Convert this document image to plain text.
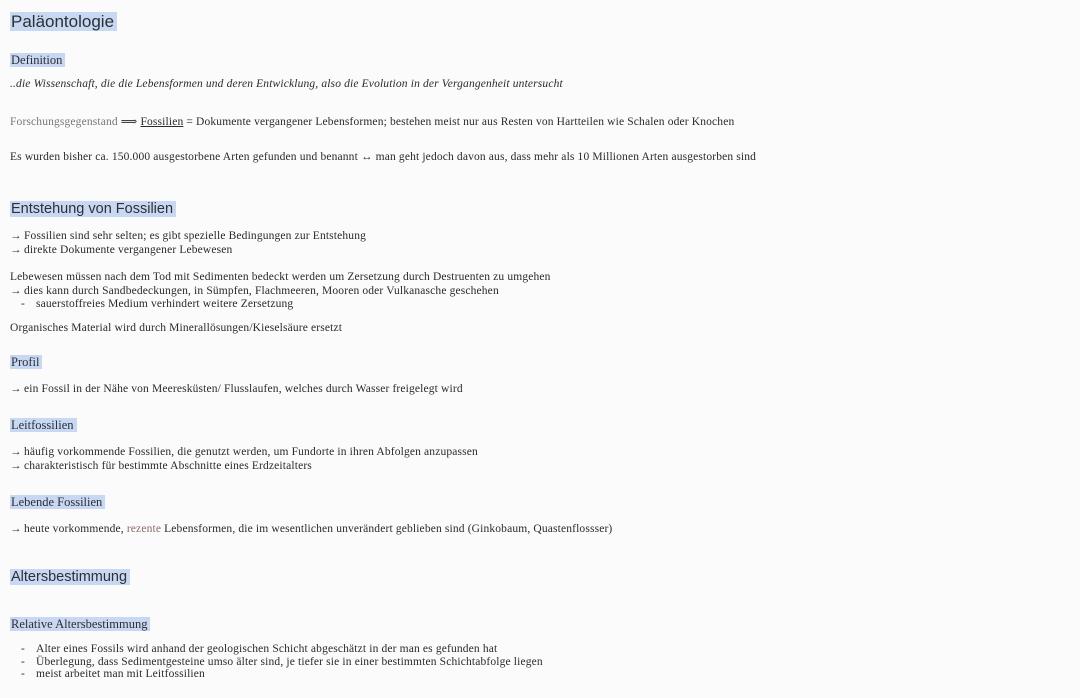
Paläontologie
Definition
..die Wissenschaft, die die Lebensformen und deren Entwicklung, also die Evolution in der Vergangenheit untersucht
Forschungsgegenstand ⟹ Fossilien = Dokumente vergangener Lebensformen; bestehen meist nur aus Resten von Hartteilen wie Schalen oder Knochen
Es wurden bisher ca. 150.000 ausgestorbene Arten gefunden und benannt ↔ man geht jedoch davon aus, dass mehr als 10 Millionen Arten ausgestorben sind
Entstehung von Fossilien
→ Fossilien sind sehr selten; es gibt spezielle Bedingungen zur Entstehung
→ direkte Dokumente vergangener Lebewesen
Lebewesen müssen nach dem Tod mit Sedimenten bedeckt werden um Zersetzung durch Destruenten zu umgehen
→ dies kann durch Sandbedeckungen, in Sümpfen, Flachmeeren, Mooren oder Vulkanasche geschehen
- sauerstoffreies Medium verhindert weitere Zersetzung
Organisches Material wird durch Minerallösungen/Kieselsäure ersetzt
Profil
→ ein Fossil in der Nähe von Meeresküsten/ Flusslaufen, welches durch Wasser freigelegt wird
Leitfossilien
→ häufig vorkommende Fossilien, die genutzt werden, um Fundorte in ihren Abfolgen anzupassen
→ charakteristisch für bestimmte Abschnitte eines Erdzeitalters
Lebende Fossilien
→ heute vorkommende, rezente Lebensformen, die im wesentlichen unverändert geblieben sind (Ginkobaum, Quastenflossser)
Altersbestimmung
Relative Altersbestimmung
- Alter eines Fossils wird anhand der geologischen Schicht abgeschätzt in der man es gefunden hat
- Überlegung, dass Sedimentgesteine umso älter sind, je tiefer sie in einer bestimmten Schichtabfolge liegen
- meist arbeitet man mit Leitfossilien
